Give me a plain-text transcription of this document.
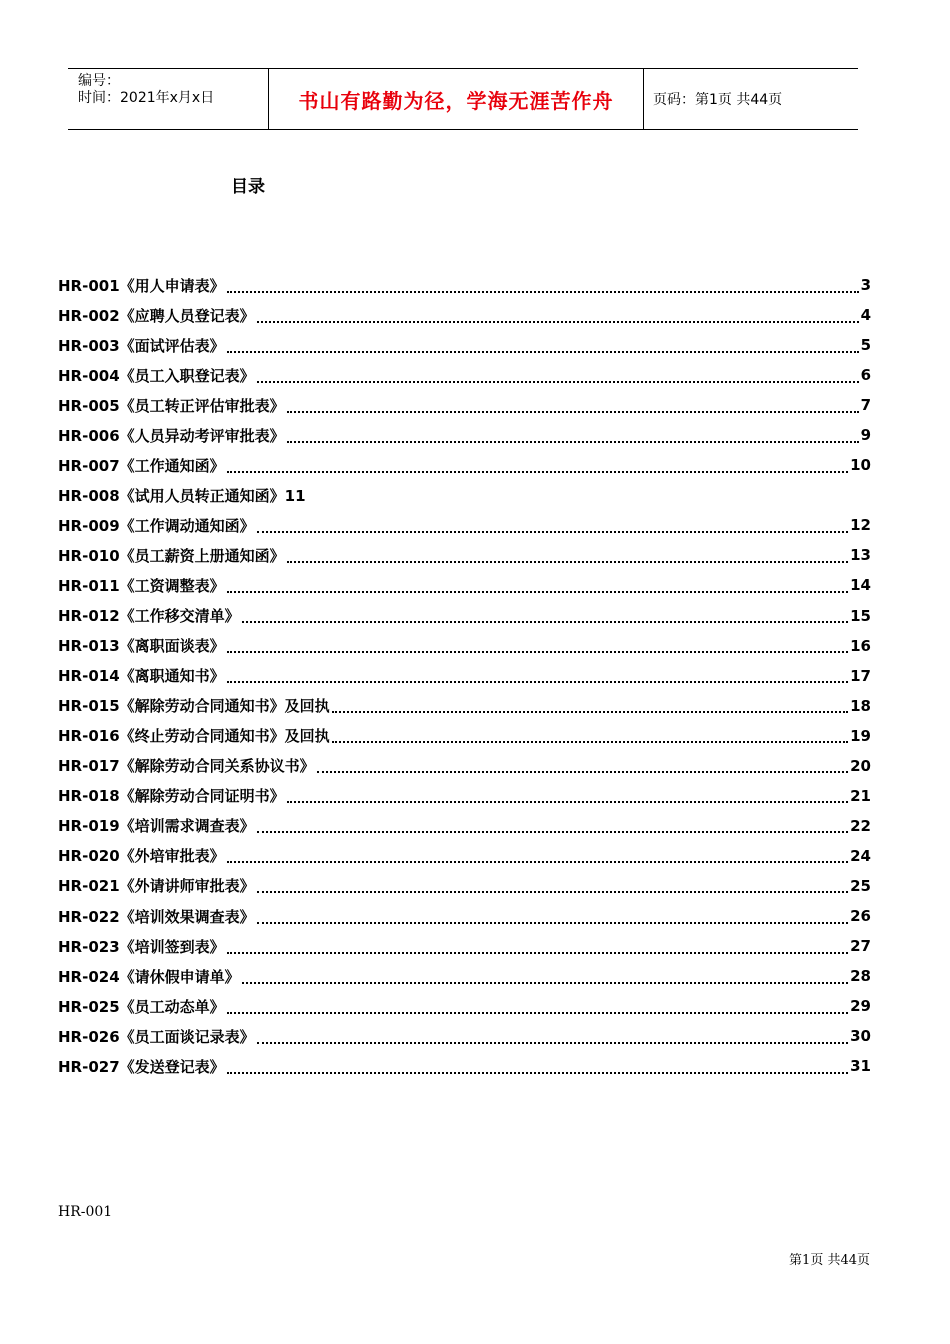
编号：
时间：2021年x月x日	书山有路勤为径，学海无涯苦作舟	页码：第1页 共44页
目录
HR-001《用人申请表》	3
HR-002《应聘人员登记表》	4
HR-003《面试评估表》	5
HR-004《员工入职登记表》	6
HR-005《员工转正评估审批表》	7
HR-006《人员异动考评审批表》	9
HR-007《工作通知函》	10
HR-008《试用人员转正通知函》11
HR-009《工作调动通知函》	12
HR-010《员工薪资上册通知函》	13
HR-011《工资调整表》	14
HR-012《工作移交清单》	15
HR-013《离职面谈表》	16
HR-014《离职通知书》	17
HR-015《解除劳动合同通知书》及回执	18
HR-016《终止劳动合同通知书》及回执	19
HR-017《解除劳动合同关系协议书》	20
HR-018《解除劳动合同证明书》	21
HR-019《培训需求调查表》	22
HR-020《外培审批表》	24
HR-021《外请讲师审批表》	25
HR-022《培训效果调查表》	26
HR-023《培训签到表》	27
HR-024《请休假申请单》	28
HR-025《员工动态单》	29
HR-026《员工面谈记录表》	30
HR-027《发送登记表》	31
HR-001
第1页 共44页
